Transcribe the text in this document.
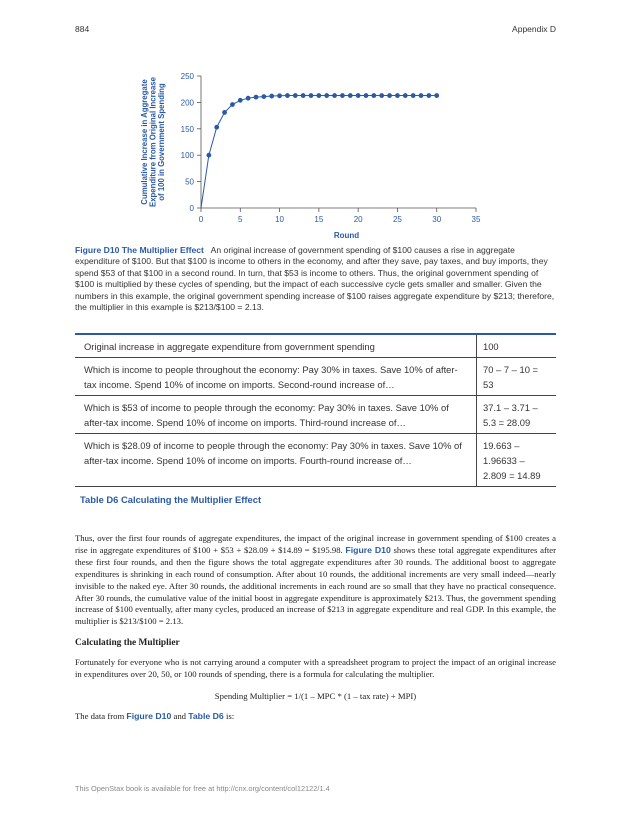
884	Appendix D
Cumulative Increase in Aggregate Expenditure from Original Increase of 100 in Government Spending
0
50
100
150
200
250
0	5	10	15	20	25	30	35
Round
Figure D10 The Multiplier Effect An original increase of government spending of $100 causes a rise in aggregate expenditure of $100. But that $100 is income to others in the economy, and after they save, pay taxes, and buy imports, they spend $53 of that $100 in a second round. In turn, that $53 is income to others. Thus, the original government spending of $100 is multiplied by these cycles of spending, but the impact of each successive cycle gets smaller and smaller. Given the numbers in this example, the original government spending increase of $100 raises aggregate expenditure by $213; therefore, the multiplier in this example is $213/$100 = 2.13.
Original increase in aggregate expenditure from government spending	100
Which is income to people throughout the economy: Pay 30% in taxes. Save 10% of after-tax income. Spend 10% of income on imports. Second-round increase of…	70 – 7 – 10 = 53
Which is $53 of income to people through the economy: Pay 30% in taxes. Save 10% of after-tax income. Spend 10% of income on imports. Third-round increase of…	37.1 – 3.71 – 5.3 = 28.09
Which is $28.09 of income to people through the economy: Pay 30% in taxes. Save 10% of after-tax income. Spend 10% of income on imports. Fourth-round increase of…	19.663 – 1.96633 – 2.809 = 14.89
Table D6 Calculating the Multiplier Effect

Thus, over the first four rounds of aggregate expenditures, the impact of the original increase in government spending of $100 creates a rise in aggregate expenditures of $100 + $53 + $28.09 + $14.89 = $195.98. Figure D10 shows these total aggregate expenditures after these first four rounds, and then the figure shows the total aggregate expenditures after 30 rounds. The additional boost to aggregate expenditures is shrinking in each round of consumption. After about 10 rounds, the additional increments are very small indeed—nearly invisible to the naked eye. After 30 rounds, the additional increments in each round are so small that they have no practical consequence. After 30 rounds, the cumulative value of the initial boost in aggregate expenditure is approximately $213. Thus, the government spending increase of $100 eventually, after many cycles, produced an increase of $213 in aggregate expenditure and real GDP. In this example, the multiplier is $213/$100 = 2.13.

Calculating the Multiplier

Fortunately for everyone who is not carrying around a computer with a spreadsheet program to project the impact of an original increase in expenditures over 20, 50, or 100 rounds of spending, there is a formula for calculating the multiplier.

Spending Multiplier = 1/(1 – MPC * (1 – tax rate) + MPI)

The data from Figure D10 and Table D6 is:

This OpenStax book is available for free at http://cnx.org/content/col12122/1.4
